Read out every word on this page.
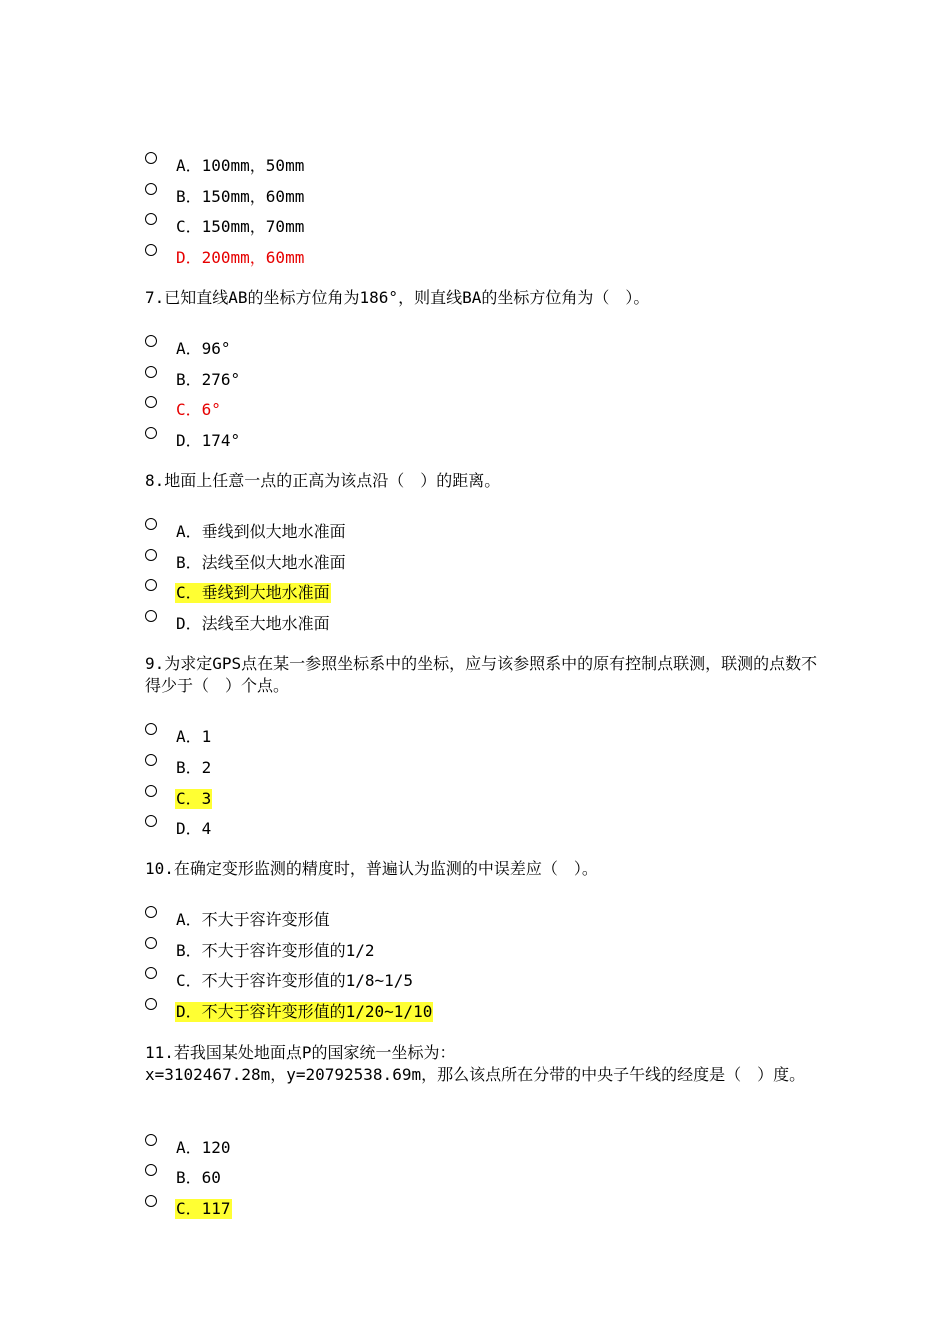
A．100mm，50mm
B．150mm，60mm
C．150mm，70mm
D．200mm，60mm
7.已知直线AB的坐标方位角为186°，则直线BA的坐标方位角为（　）。
A．96°
B．276°
C．6°
D．174°
8.地面上任意一点的正高为该点沿（　）的距离。
A．垂线到似大地水准面
B．法线至似大地水准面
C．垂线到大地水准面
D．法线至大地水准面
9.为求定GPS点在某一参照坐标系中的坐标，应与该参照系中的原有控制点联测，联测的点数不得少于（　）个点。
A．1
B．2
C．3
D．4
10.在确定变形监测的精度时，普遍认为监测的中误差应（　）。
A．不大于容许变形值
B．不大于容许变形值的1/2
C．不大于容许变形值的1/8~1/5
D．不大于容许变形值的1/20~1/10
11.若我国某处地面点P的国家统一坐标为：
x=3102467.28m，y=20792538.69m，那么该点所在分带的中央子午线的经度是（　）度。
A．120
B．60
C．117
